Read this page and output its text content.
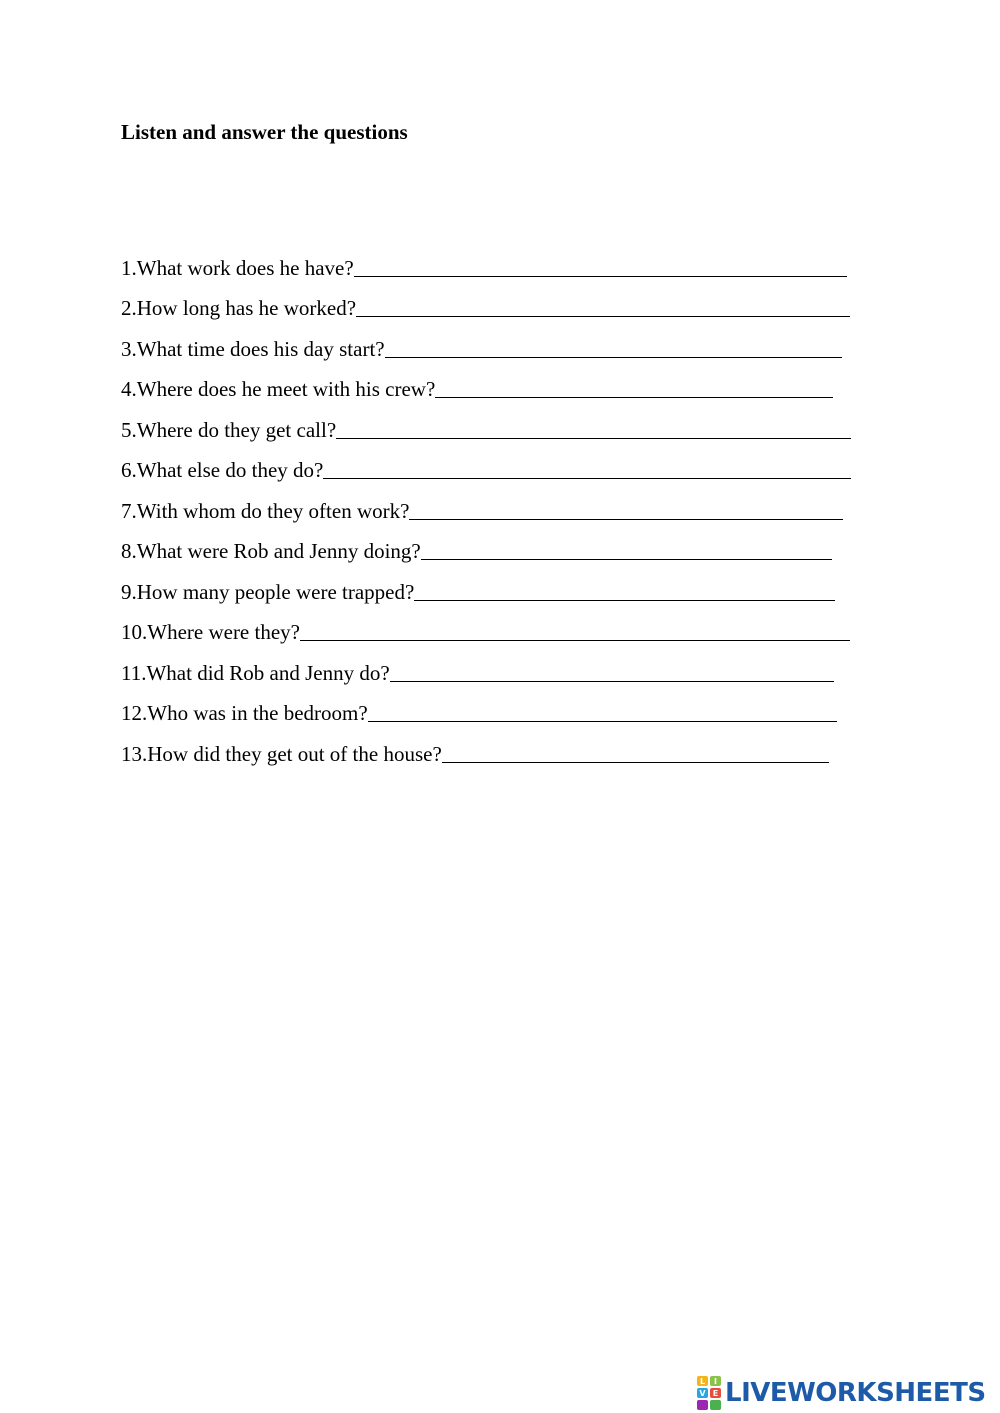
Listen and answer the questions
1.What work does he have?
2.How long has he worked?
3.What time does his day start?
4.Where does he meet with his crew?
5.Where do they get call?
6.What else do they do?
7.With whom do they often work?
8.What were Rob and Jenny doing?
9.How many people were trapped?
10.Where were they?
11.What did Rob and Jenny do?
12.Who was in the bedroom?
13.How did they get out of the house?
L	I
V E LIVEWORKSHEETS
